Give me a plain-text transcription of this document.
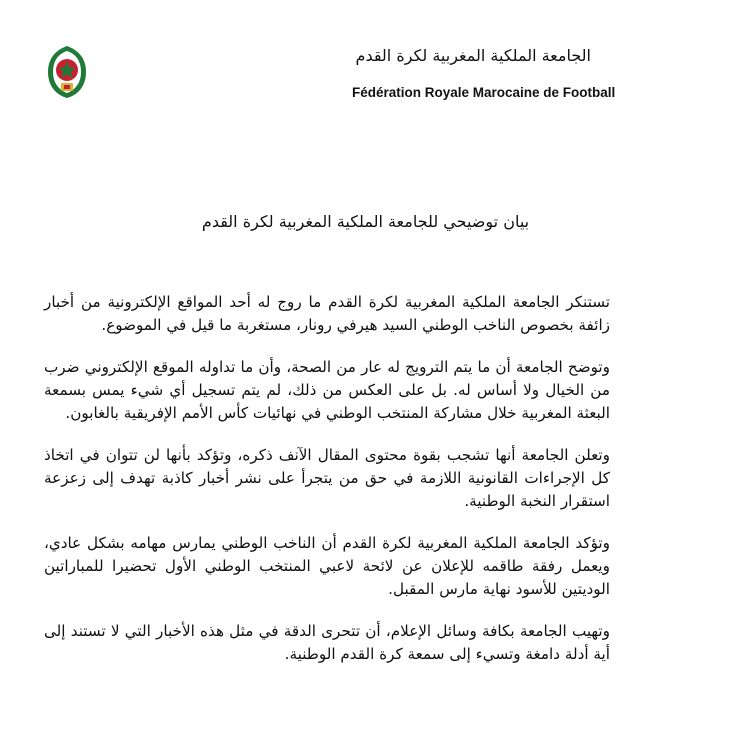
الجامعة الملكية المغربية لكرة القدم
Fédération Royale Marocaine de Football
بيان توضيحي للجامعة الملكية المغربية لكرة القدم

تستنكر الجامعة الملكية المغربية لكرة القدم ما روج له أحد المواقع الإلكترونية من أخبار زائفة بخصوص الناخب الوطني السيد هيرفي رونار، مستغربة ما قيل في الموضوع.

وتوضح الجامعة أن ما يتم الترويج له عار من الصحة، وأن ما تداوله الموقع الإلكتروني ضرب من الخيال ولا أساس له. بل على العكس من ذلك، لم يتم تسجيل أي شيء يمس بسمعة البعثة المغربية خلال مشاركة المنتخب الوطني في نهائيات كأس الأمم الإفريقية بالغابون.

وتعلن الجامعة أنها تشجب بقوة محتوى المقال الآنف ذكره، وتؤكد بأنها لن تتوان في اتخاذ كل الإجراءات القانونية اللازمة في حق من يتجرأ على نشر أخبار كاذبة تهدف إلى زعزعة استقرار النخبة الوطنية.

وتؤكد الجامعة الملكية المغربية لكرة القدم أن الناخب الوطني يمارس مهامه بشكل عادي، ويعمل رفقة طاقمه للإعلان عن لائحة لاعبي المنتخب الوطني الأول تحضيرا للمباراتين الوديتين للأسود نهاية مارس المقبل.

وتهيب الجامعة بكافة وسائل الإعلام، أن تتحرى الدقة في مثل هذه الأخبار التي لا تستند إلى أية أدلة دامغة وتسيء إلى سمعة كرة القدم الوطنية.
